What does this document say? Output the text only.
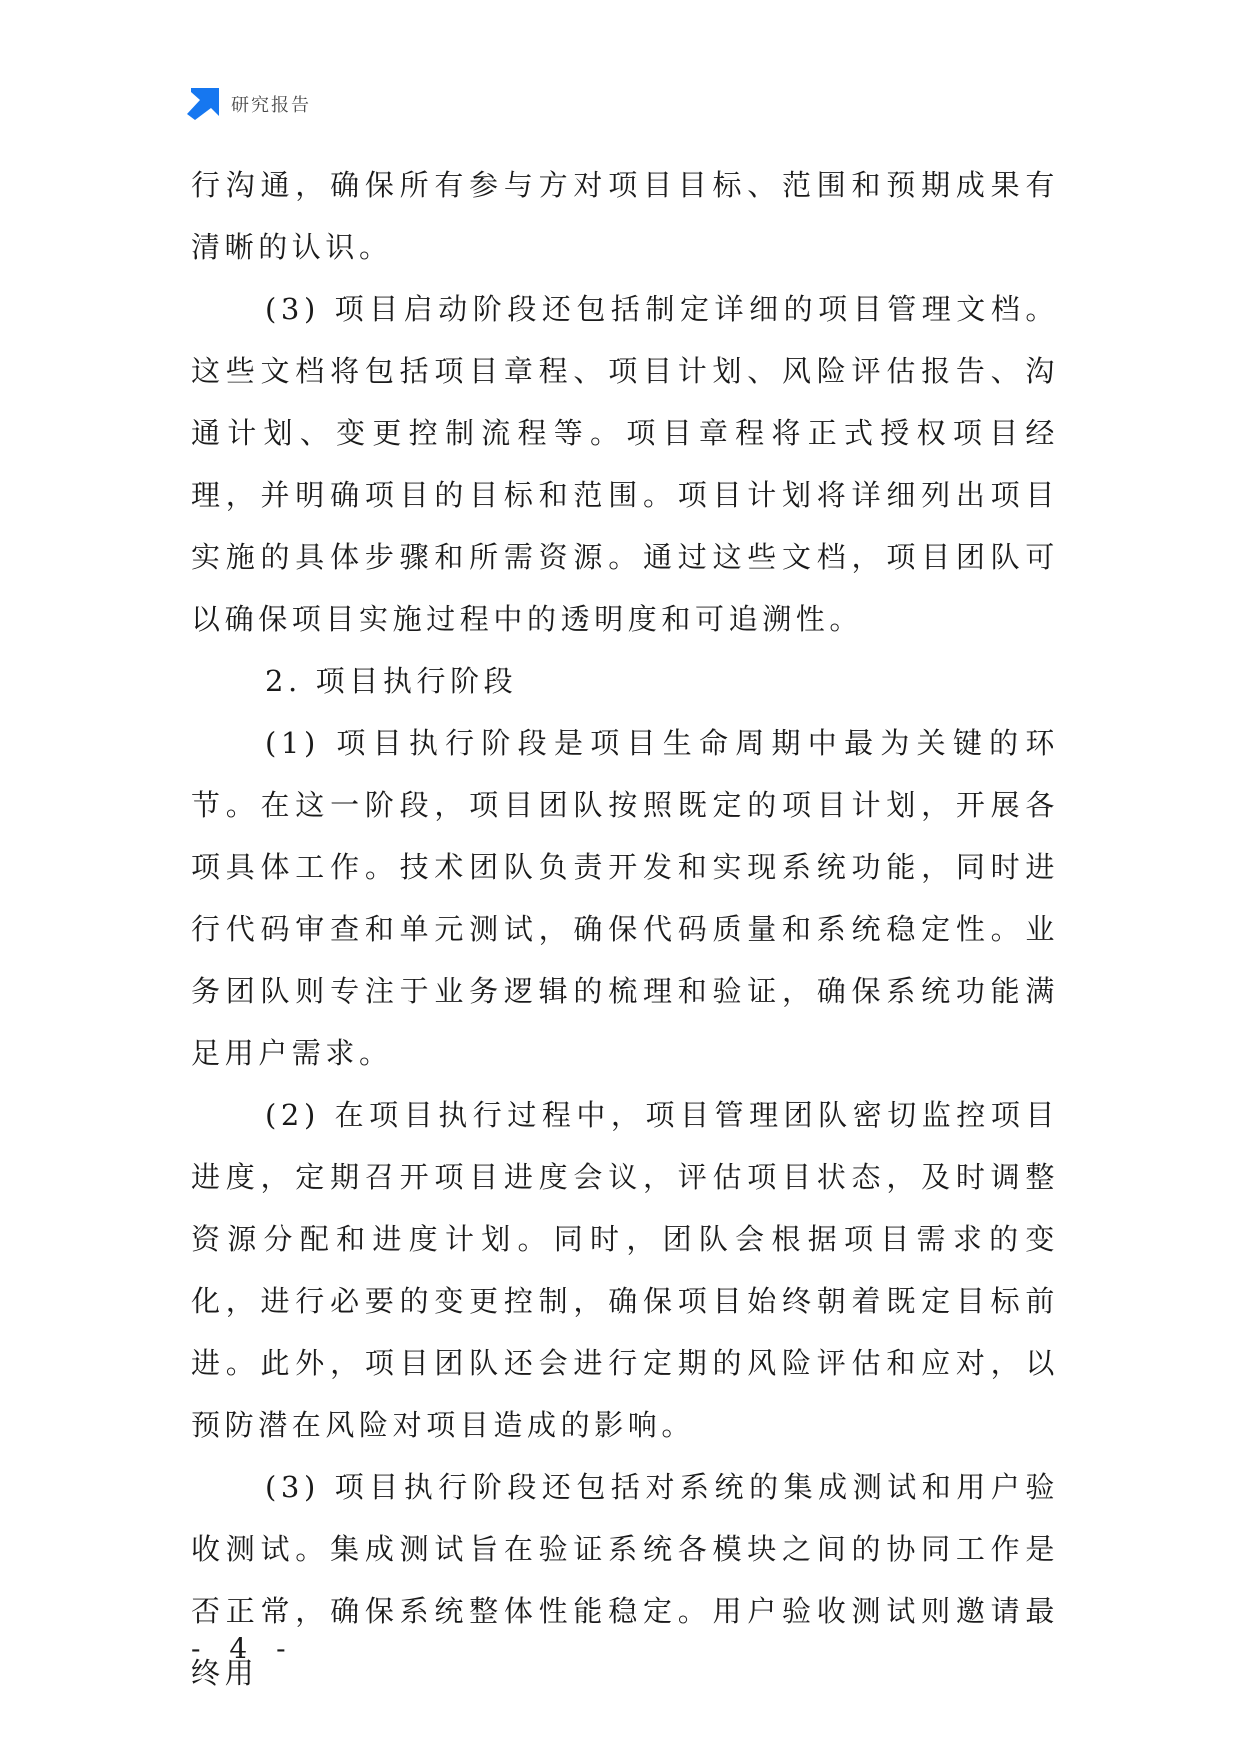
研究报告

行沟通，确保所有参与方对项目目标、范围和预期成果有清晰的认识。

(3) 项目启动阶段还包括制定详细的项目管理文档。这些文档将包括项目章程、项目计划、风险评估报告、沟通计划、变更控制流程等。项目章程将正式授权项目经理，并明确项目的目标和范围。项目计划将详细列出项目实施的具体步骤和所需资源。通过这些文档，项目团队可以确保项目实施过程中的透明度和可追溯性。

2. 项目执行阶段

(1) 项目执行阶段是项目生命周期中最为关键的环节。在这一阶段，项目团队按照既定的项目计划，开展各项具体工作。技术团队负责开发和实现系统功能，同时进行代码审查和单元测试，确保代码质量和系统稳定性。业务团队则专注于业务逻辑的梳理和验证，确保系统功能满足用户需求。

(2) 在项目执行过程中，项目管理团队密切监控项目进度，定期召开项目进度会议，评估项目状态，及时调整资源分配和进度计划。同时，团队会根据项目需求的变化，进行必要的变更控制，确保项目始终朝着既定目标前进。此外，项目团队还会进行定期的风险评估和应对，以预防潜在风险对项目造成的影响。

(3) 项目执行阶段还包括对系统的集成测试和用户验收测试。集成测试旨在验证系统各模块之间的协同工作是否正常，确保系统整体性能稳定。用户验收测试则邀请最终用

- 4 -
